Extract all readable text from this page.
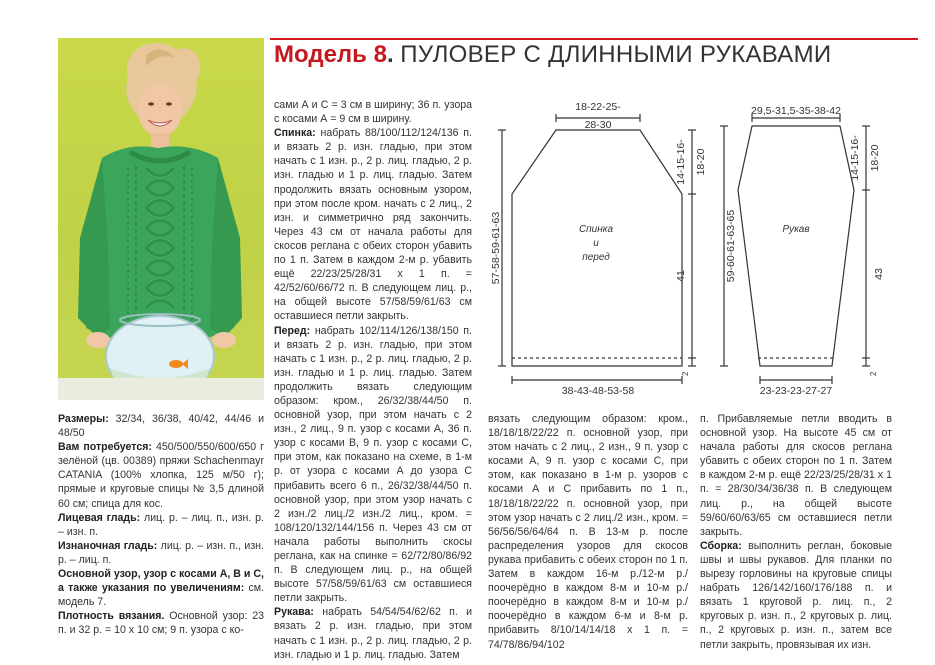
Модель 8. ПУЛОВЕР С ДЛИННЫМИ РУКАВАМИ
18-22-25-
28-30
14-15-16- 18-20
41
2
57-58-59-61-63
38-43-48-53-58
Спинка
и
перед
29,5-31,5-35-38-42
14-15-16- 18-20
43
2
59-60-61-63-65
23-23-23-27-27
Рукав

Размеры: 32/34, 36/38, 40/42, 44/46 и 48/50

Вам потребуется: 450/500/550/600/650 г зелёной (цв. 00389) пряжи Schachenmayr CATANIA (100% хлопка, 125 м/50 г); прямые и круговые спицы № 3,5 длиной 60 см; спица для кос.

Лицевая гладь: лиц. р. – лиц. п., изн. р. – изн. п.

Изнаночная гладь: лиц. р. – изн. п., изн. р. – лиц. п.

Основной узор, узор с косами А, В и С, а также указания по увеличениям: см. модель 7.

Плотность вязания. Основной узор: 23 п. и 32 р. = 10 х 10 см; 9 п. узора с ко-

сами А и С = 3 см в ширину; 36 п. узора с косами А = 9 см в ширину.

Спинка: набрать 88/100/112/124/136 п. и вязать 2 р. изн. гладью, при этом начать с 1 изн. р., 2 р. лиц. гладью, 2 р. изн. гладью и 1 р. лиц. гладью. Затем продолжить вязать основным узором, при этом после кром. начать с 2 лиц., 2 изн. и симметрично ряд закончить. Через 43 см от начала работы для скосов реглана с обеих сторон убавить по 1 п. Затем в каждом 2-м р. убавить ещё 22/23/25/28/31 х 1 п. = 42/52/60/66/72 п. В следующем лиц. р., на общей высоте 57/58/59/61/63 см оставшиеся петли закрыть.

Перед: набрать 102/114/126/138/150 п. и вязать 2 р. изн. гладью, при этом начать с 1 изн. р., 2 р. лиц. гладью, 2 р. изн. гладью и 1 р. лиц. гладью. Затем продолжить вязать следующим образом: кром., 26/32/38/44/50 п. основной узор, при этом начать с 2 изн., 2 лиц., 9 п. узор с косами А, 36 п. узор с косами В, 9 п. узор с косами С, при этом, как показано на схеме, в 1-м р. от узора с косами А до узора С прибавить всего 6 п., 26/32/38/44/50 п. основной узор, при этом узор начать с 2 изн./2 лиц./2 изн./2 лиц., кром. = 108/120/132/144/156 п. Через 43 см от начала работы выполнить скосы реглана, как на спинке = 62/72/80/86/92 п. В следующем лиц. р., на общей высоте 57/58/59/61/63 см оставшиеся петли закрыть.

Рукава: набрать 54/54/54/62/62 п. и вязать 2 р. изн. гладью, при этом начать с 1 изн. р., 2 р. лиц. гладью, 2 р. изн. гладью и 1 р. лиц. гладью. Затем

вязать следующим образом: кром., 18/18/18/22/22 п. основной узор, при этом начать с 2 лиц., 2 изн., 9 п. узор с косами А, 9 п. узор с косами С, при этом, как показано в 1-м р. узоров с косами А и С прибавить по 1 п., 18/18/18/22/22 п. основной узор, при этом узор начать с 2 лиц./2 изн., кром. = 56/56/56/64/64 п. В 13-м р. после распределения узоров для скосов рукава прибавить с обеих сторон по 1 п. Затем в каждом 16-м р./12-м р./поочерёдно в каждом 8-м и 10-м р./поочерёдно в каждом 8-м и 10-м р./поочерёдно в каждом 6-м и 8-м р. прибавить 8/10/14/14/18 х 1 п. = 74/78/86/94/102

п. Прибавляемые петли вводить в основной узор. На высоте 45 см от начала работы для скосов реглана убавить с обеих сторон по 1 п. Затем в каждом 2-м р. ещё 22/23/25/28/31 х 1 п. = 28/30/34/36/38 п. В следующем лиц. р., на общей высоте 59/60/60/63/65 см оставшиеся петли закрыть.

Сборка: выполнить реглан, боковые швы и швы рукавов. Для планки по вырезу горловины на круговые спицы набрать 126/142/160/176/188 п. и вязать 1 круговой р. лиц. п., 2 круговых р. изн. п., 2 круговых р. лиц. п., 2 круговых р. изн. п., затем все петли закрыть, провязывая их изн.
